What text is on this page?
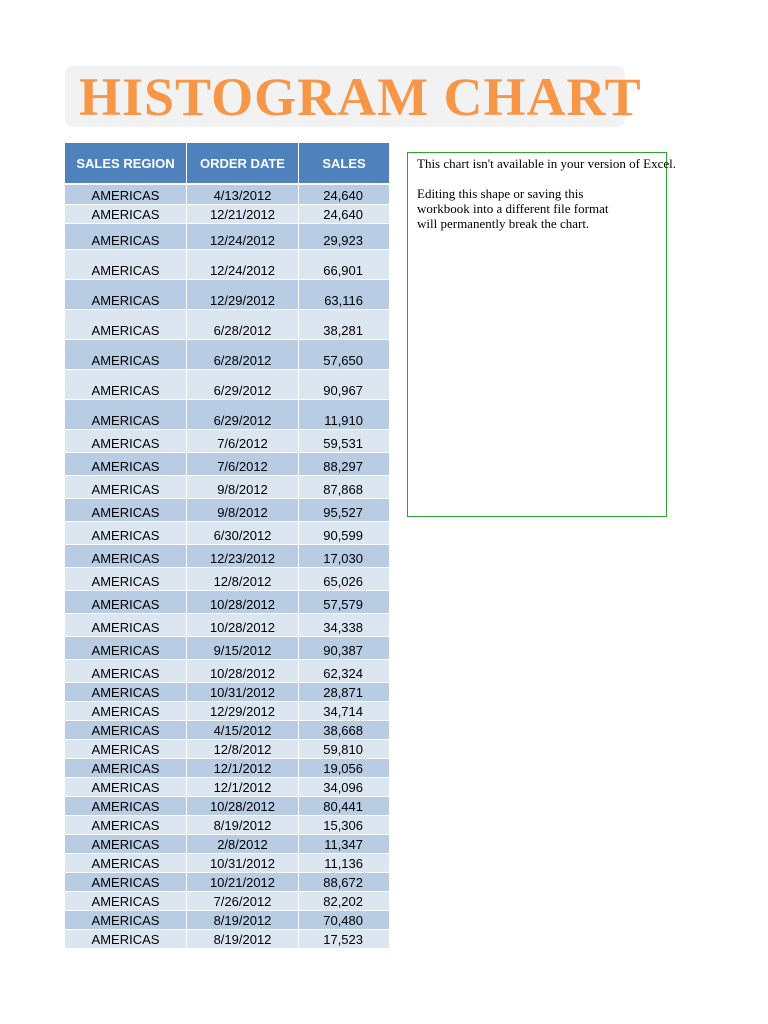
HISTOGRAM CHART
SALES REGION	ORDER DATE	SALES
AMERICAS	4/13/2012	24,640
AMERICAS	12/21/2012	24,640
AMERICAS	12/24/2012	29,923
AMERICAS	12/24/2012	66,901
AMERICAS	12/29/2012	63,116
AMERICAS	6/28/2012	38,281
AMERICAS	6/28/2012	57,650
AMERICAS	6/29/2012	90,967
AMERICAS	6/29/2012	11,910
AMERICAS	7/6/2012	59,531
AMERICAS	7/6/2012	88,297
AMERICAS	9/8/2012	87,868
AMERICAS	9/8/2012	95,527
AMERICAS	6/30/2012	90,599
AMERICAS	12/23/2012	17,030
AMERICAS	12/8/2012	65,026
AMERICAS	10/28/2012	57,579
AMERICAS	10/28/2012	34,338
AMERICAS	9/15/2012	90,387
AMERICAS	10/28/2012	62,324
AMERICAS	10/31/2012	28,871
AMERICAS	12/29/2012	34,714
AMERICAS	4/15/2012	38,668
AMERICAS	12/8/2012	59,810
AMERICAS	12/1/2012	19,056
AMERICAS	12/1/2012	34,096
AMERICAS	10/28/2012	80,441
AMERICAS	8/19/2012	15,306
AMERICAS	2/8/2012	11,347
AMERICAS	10/31/2012	11,136
AMERICAS	10/21/2012	88,672
AMERICAS	7/26/2012	82,202
AMERICAS	8/19/2012	70,480
AMERICAS	8/19/2012	17,523

This chart isn't available in your version of Excel.

Editing this shape or saving this workbook into a different file format will permanently break the chart.
